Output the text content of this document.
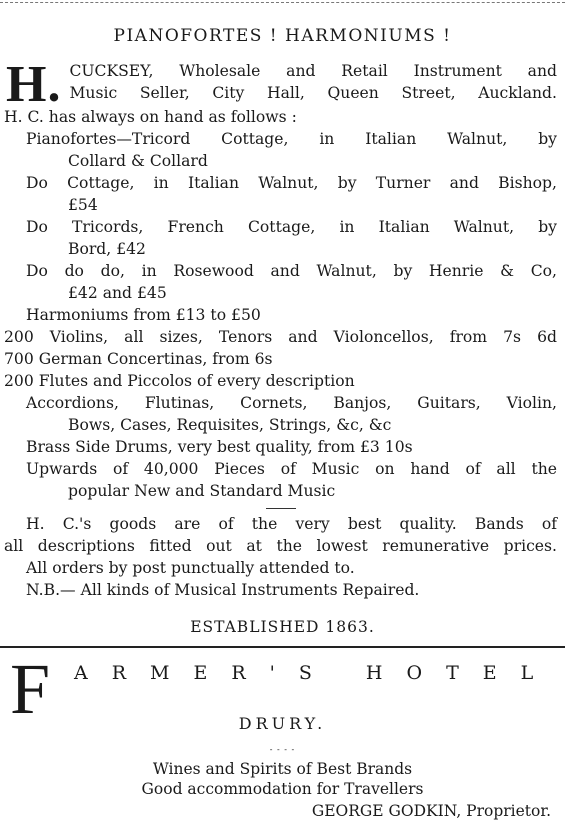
PIANOFORTES ! HARMONIUMS !
H. CUCKSEY, Wholesale and Retail Instrument and

Music Seller, City Hall, Queen Street, Auckland.

H. C. has always on hand as follows :

Pianofortes—Tricord Cottage, in Italian Walnut, by

Collard & Collard

Do Cottage, in Italian Walnut, by Turner and Bishop,

£54

Do Tricords, French Cottage, in Italian Walnut, by

Bord, £42

Do do do, in Rosewood and Walnut, by Henrie & Co,

£42 and £45

Harmoniums from £13 to £50

200 Violins, all sizes, Tenors and Violoncellos, from 7s 6d

700 German Concertinas, from 6s

200 Flutes and Piccolos of every description

Accordions, Flutinas, Cornets, Banjos, Guitars, Violin,

Bows, Cases, Requisites, Strings, &c, &c

Brass Side Drums, very best quality, from £3 10s

Upwards of 40,000 Pieces of Music on hand of all the

popular New and Standard Music

H. C.'s goods are of the very best quality. Bands of

all descriptions fitted out at the lowest remunerative prices.

All orders by post punctually attended to.

N.B.— All kinds of Musical Instruments Repaired.

ESTABLISHED 1863.
F ARMER'S HOTEL
DRURY.
- - - -
Wines and Spirits of Best Brands
Good accommodation for Travellers
GEORGE GODKIN, Proprietor.
